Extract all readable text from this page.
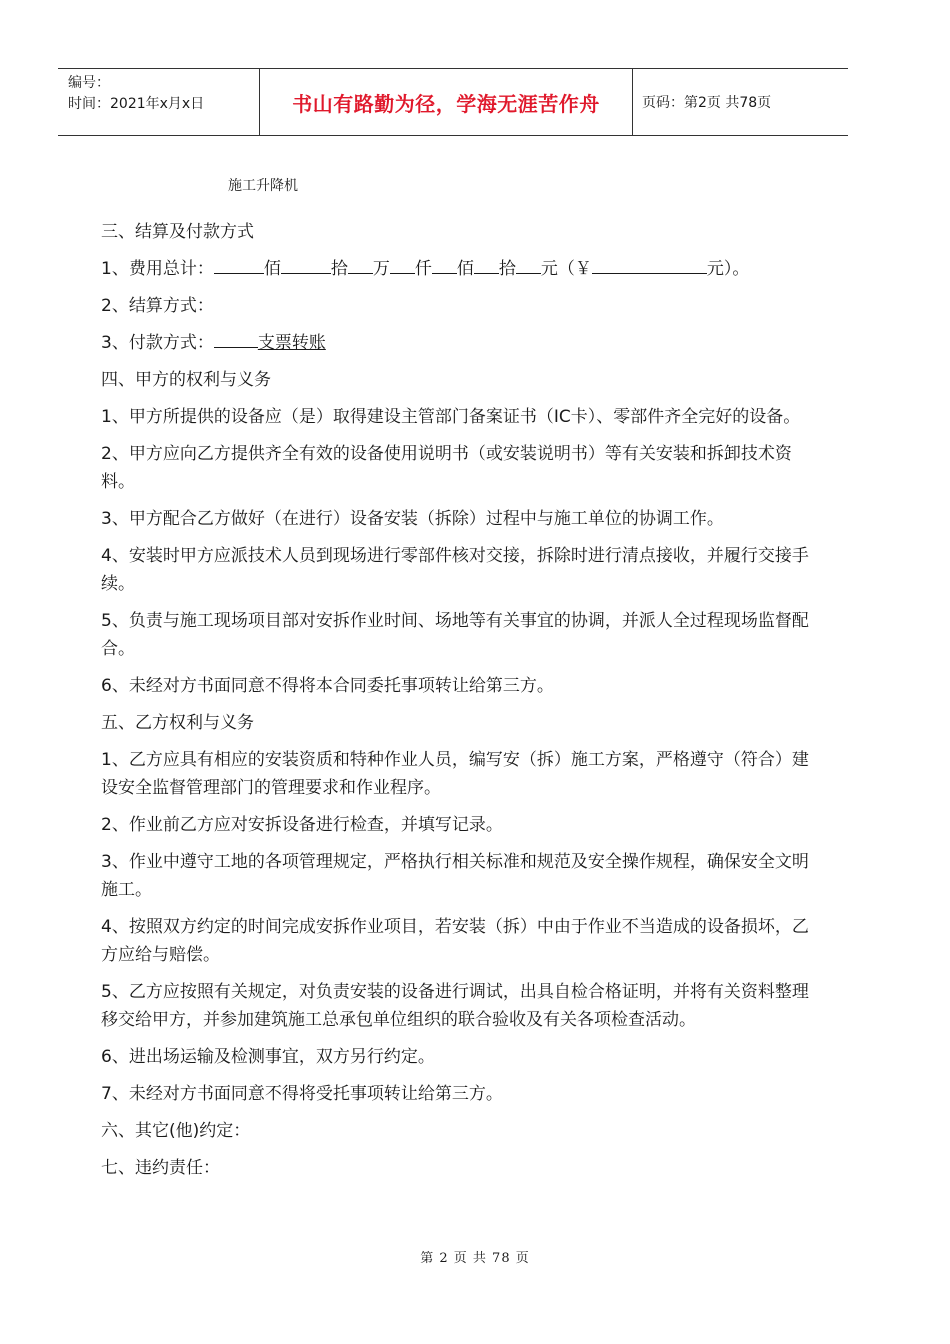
编号：
时间：2021年x月x日	书山有路勤为径，学海无涯苦作舟	页码：第2页 共78页
施工升降机

三、结算及付款方式

1、费用总计：	佰	拾 万 仟 佰 拾 元（￥	元）。

2、结算方式：

3、付款方式：	支票转账

四、甲方的权利与义务

1、甲方所提供的设备应（是）取得建设主管部门备案证书（IC卡）、零部件齐全完好的设备。

2、甲方应向乙方提供齐全有效的设备使用说明书（或安装说明书）等有关安装和拆卸技术资料。

3、甲方配合乙方做好（在进行）设备安装（拆除）过程中与施工单位的协调工作。

4、安装时甲方应派技术人员到现场进行零部件核对交接，拆除时进行清点接收，并履行交接手续。

5、负责与施工现场项目部对安拆作业时间、场地等有关事宜的协调，并派人全过程现场监督配合。

6、未经对方书面同意不得将本合同委托事项转让给第三方。

五、乙方权利与义务

1、乙方应具有相应的安装资质和特种作业人员，编写安（拆）施工方案，严格遵守（符合）建设安全监督管理部门的管理要求和作业程序。

2、作业前乙方应对安拆设备进行检查，并填写记录。

3、作业中遵守工地的各项管理规定，严格执行相关标准和规范及安全操作规程，确保安全文明施工。

4、按照双方约定的时间完成安拆作业项目，若安装（拆）中由于作业不当造成的设备损坏，乙方应给与赔偿。

5、乙方应按照有关规定，对负责安装的设备进行调试，出具自检合格证明，并将有关资料整理移交给甲方，并参加建筑施工总承包单位组织的联合验收及有关各项检查活动。

6、进出场运输及检测事宜，双方另行约定。

7、未经对方书面同意不得将受托事项转让给第三方。

六、其它(他)约定：

七、违约责任：

第 2 页 共 78 页
